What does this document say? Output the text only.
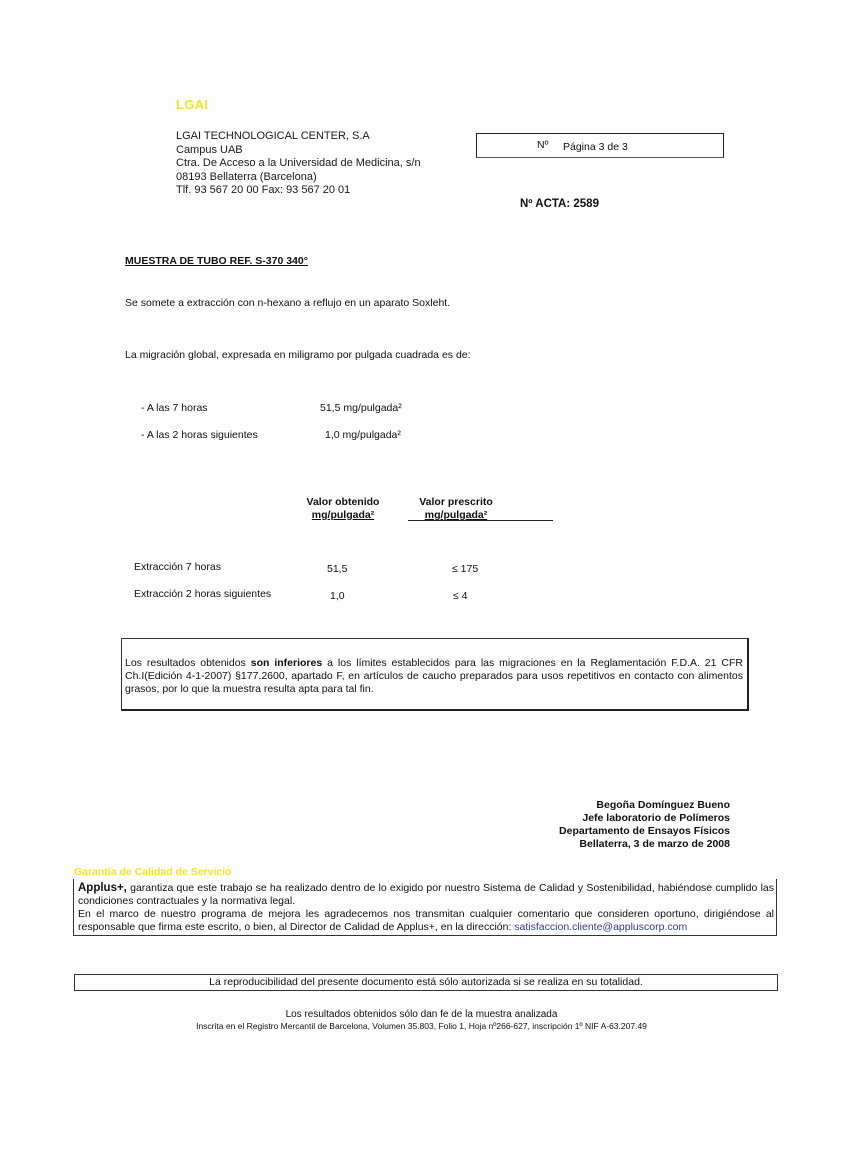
LGAI
LGAI TECHNOLOGICAL CENTER, S.A
Campus UAB
Ctra. De Acceso a la Universidad de Medicina, s/n
08193 Bellaterra (Barcelona)
Tlf. 93 567 20 00 Fax: 93 567 20 01
Nº Página 3 de 3
Nº ACTA: 2589
MUESTRA DE TUBO REF. S-370 340°
Se somete a extracción con n-hexano a reflujo en un aparato Soxleht.
La migración global, expresada en miligramo por pulgada cuadrada es de:
- A las 7 horas	51,5 mg/pulgada²
- A las 2 horas siguientes	1,0 mg/pulgada²
Valor obtenido
mg/pulgada²
Valor prescrito
mg/pulgada²
Extracción 7 horas	51,5	≤ 175
Extracción 2 horas siguientes	1,0	≤ 4

Los resultados obtenidos son inferiores a los límites establecidos para las migraciones en la Reglamentación F.D.A. 21 CFR Ch.I(Edición 4-1-2007) §177.2600, apartado F, en artículos de caucho preparados para usos repetitivos en contacto con alimentos grasos, por lo que la muestra resulta apta para tal fin.

Begoña Domínguez Bueno
Jefe laboratorio de Polímeros
Departamento de Ensayos Físicos
Bellaterra, 3 de marzo de 2008
Garantía de Calidad de Servicio

Applus+, garantiza que este trabajo se ha realizado dentro de lo exigido por nuestro Sistema de Calidad y Sostenibilidad, habiéndose cumplido las condiciones contractuales y la normativa legal.
En el marco de nuestro programa de mejora les agradecemos nos transmitan cualquier comentario que consideren oportuno, dirigiéndose al responsable que firma este escrito, o bien, al Director de Calidad de Applus+, en la dirección: satisfaccion.cliente@appluscorp.com

La reproducibilidad del presente documento está sólo autorizada si se realiza en su totalidad.
Los resultados obtenidos sólo dan fe de la muestra analizada
Inscrita en el Registro Mercantil de Barcelona, Volumen 35.803, Folio 1, Hoja nº266-627, inscripción 1º NIF A-63.207.49
